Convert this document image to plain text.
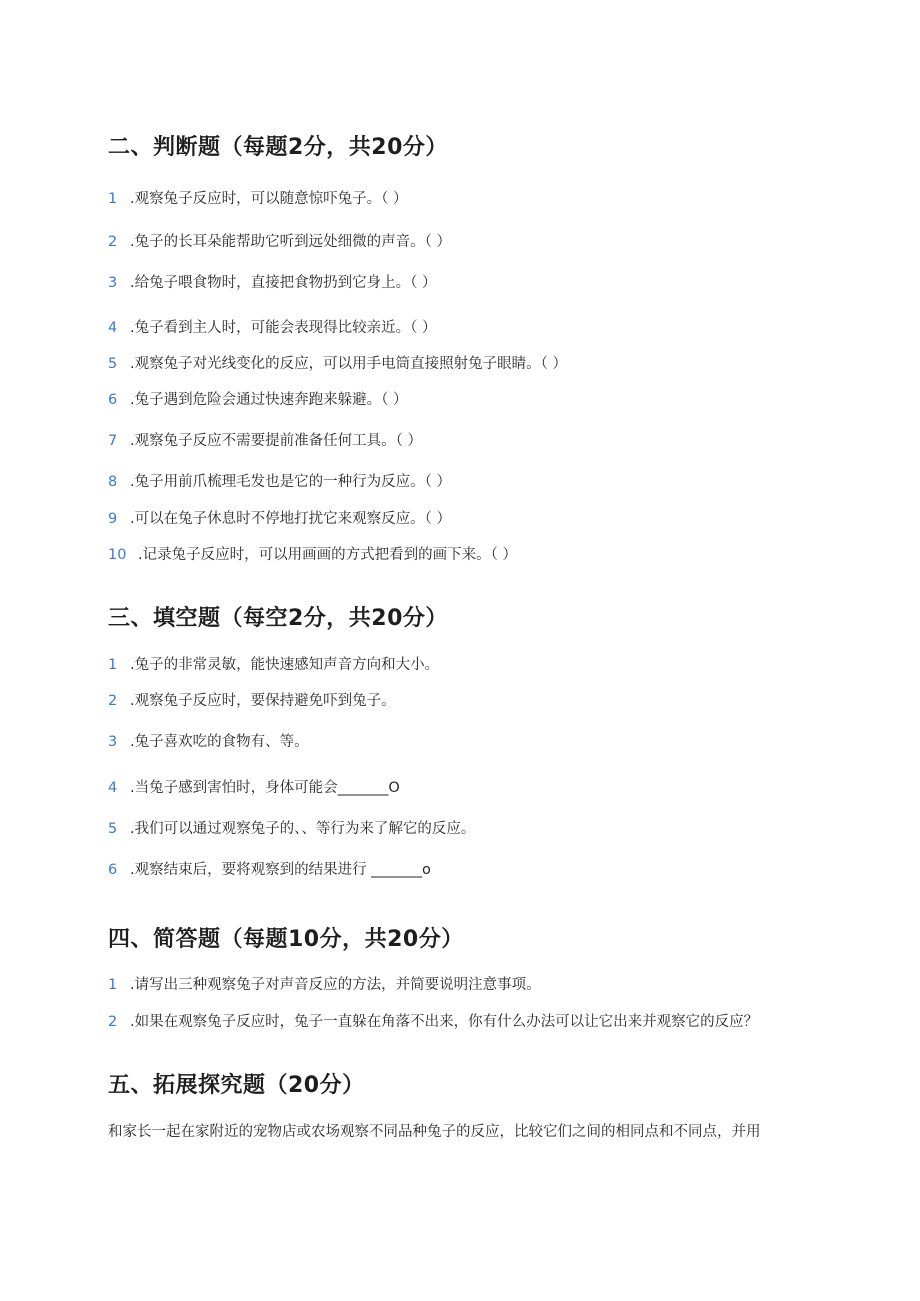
二、判断题（每题2分，共20分）
1 .观察兔子反应时，可以随意惊吓兔子。（ ）
2 .兔子的长耳朵能帮助它听到远处细微的声音。（ ）
3 .给兔子喂食物时，直接把食物扔到它身上。（ ）
4 .兔子看到主人时，可能会表现得比较亲近。（ ）
5 .观察兔子对光线变化的反应，可以用手电筒直接照射兔子眼睛。（ ）
6 .兔子遇到危险会通过快速奔跑来躲避。（ ）
7 .观察兔子反应不需要提前准备任何工具。（ ）
8 .兔子用前爪梳理毛发也是它的一种行为反应。（ ）
9 .可以在兔子休息时不停地打扰它来观察反应。（ ）
10 .记录兔子反应时，可以用画画的方式把看到的画下来。（ ）
三、填空题（每空2分，共20分）
1 .兔子的非常灵敏，能快速感知声音方向和大小。
2 .观察兔子反应时，要保持避免吓到兔子。
3 .兔子喜欢吃的食物有、等。
4 .当兔子感到害怕时，身体可能会_______O
5 .我们可以通过观察兔子的、、等行为来了解它的反应。
6 .观察结束后，要将观察到的结果进行 _______o
四、简答题（每题10分，共20分）
1 .请写出三种观察兔子对声音反应的方法，并简要说明注意事项。
2 .如果在观察兔子反应时，兔子一直躲在角落不出来，你有什么办法可以让它出来并观察它的反应？
五、拓展探究题（20分）
和家长一起在家附近的宠物店或农场观察不同品种兔子的反应，比较它们之间的相同点和不同点，并用
